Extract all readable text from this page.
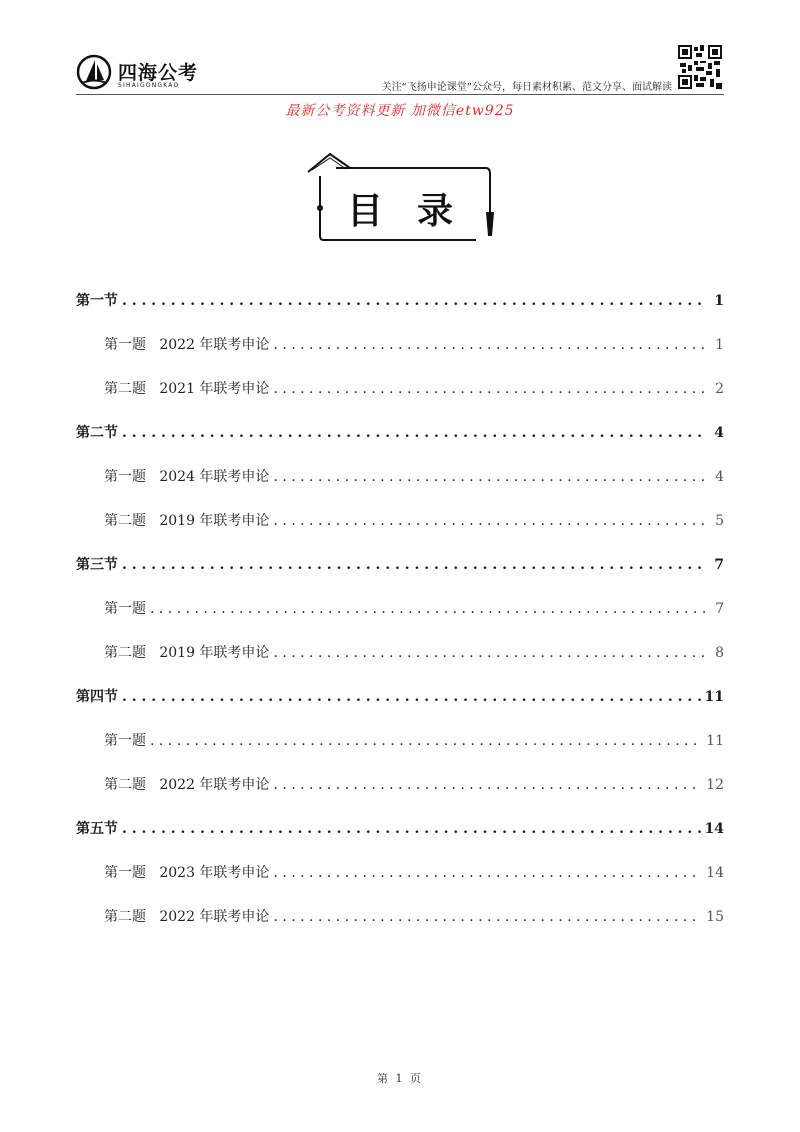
四海公考
SIHAIGONGKAO	关注“飞扬申论课堂”公众号，每日素材积累、范文分享、面试解读
最新公考资料更新 加微信etw925
目录
第一节 . . .	1
第一题   2022 年联考申论 . . .	1
第二题   2021 年联考申论 . . .	2
第二节 . . .	4
第一题   2024 年联考申论 . . .	4
第二题   2019 年联考申论 . . .	5
第三节 . . .	7
第一题 . . .	7
第二题   2019 年联考申论 . . .	8
第四节 . . .	11
第一题 . . .	11
第二题   2022 年联考申论 . . .	12
第五节 . . .	14
第一题   2023 年联考申论 . . .	14
第二题   2022 年联考申论 . . .	15
第 1 页
